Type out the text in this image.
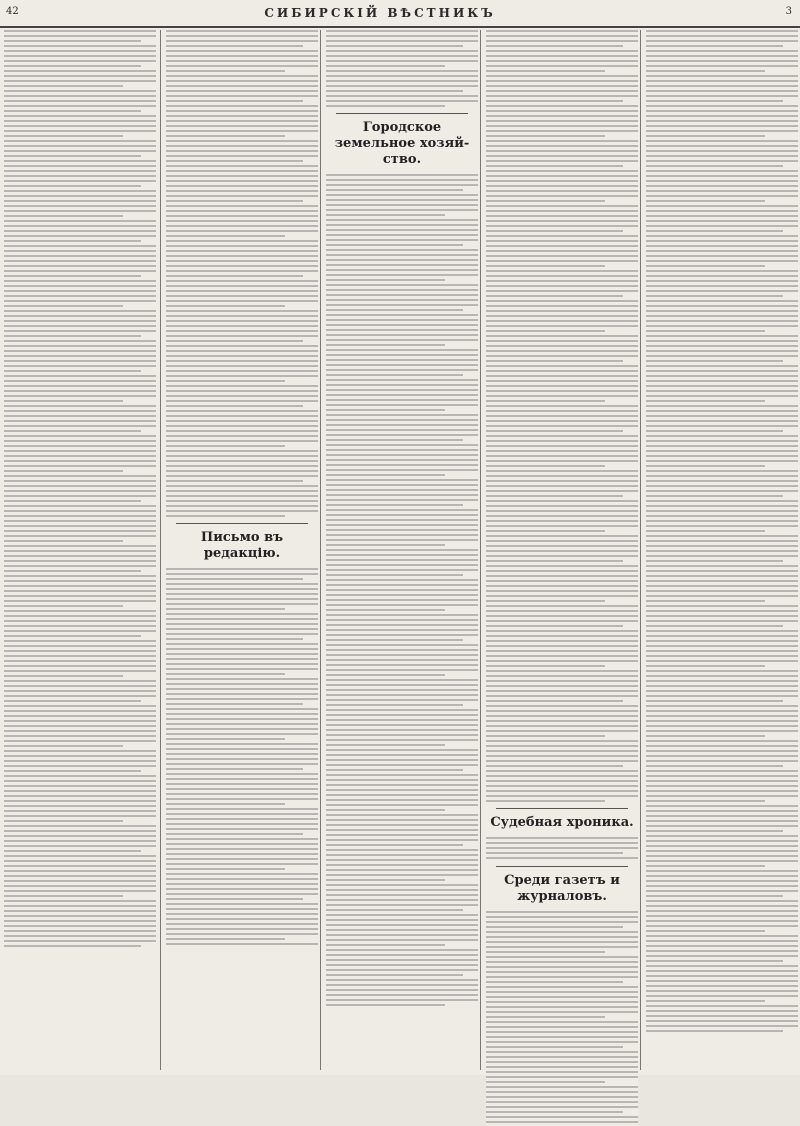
42	СИБИРСКІЙ ВѢСТНИКЪ	3
Письмо въ редакцію.
Городское земельное хозяй-ство.
Судебная хроника.
Среди газетъ и журналовъ.
